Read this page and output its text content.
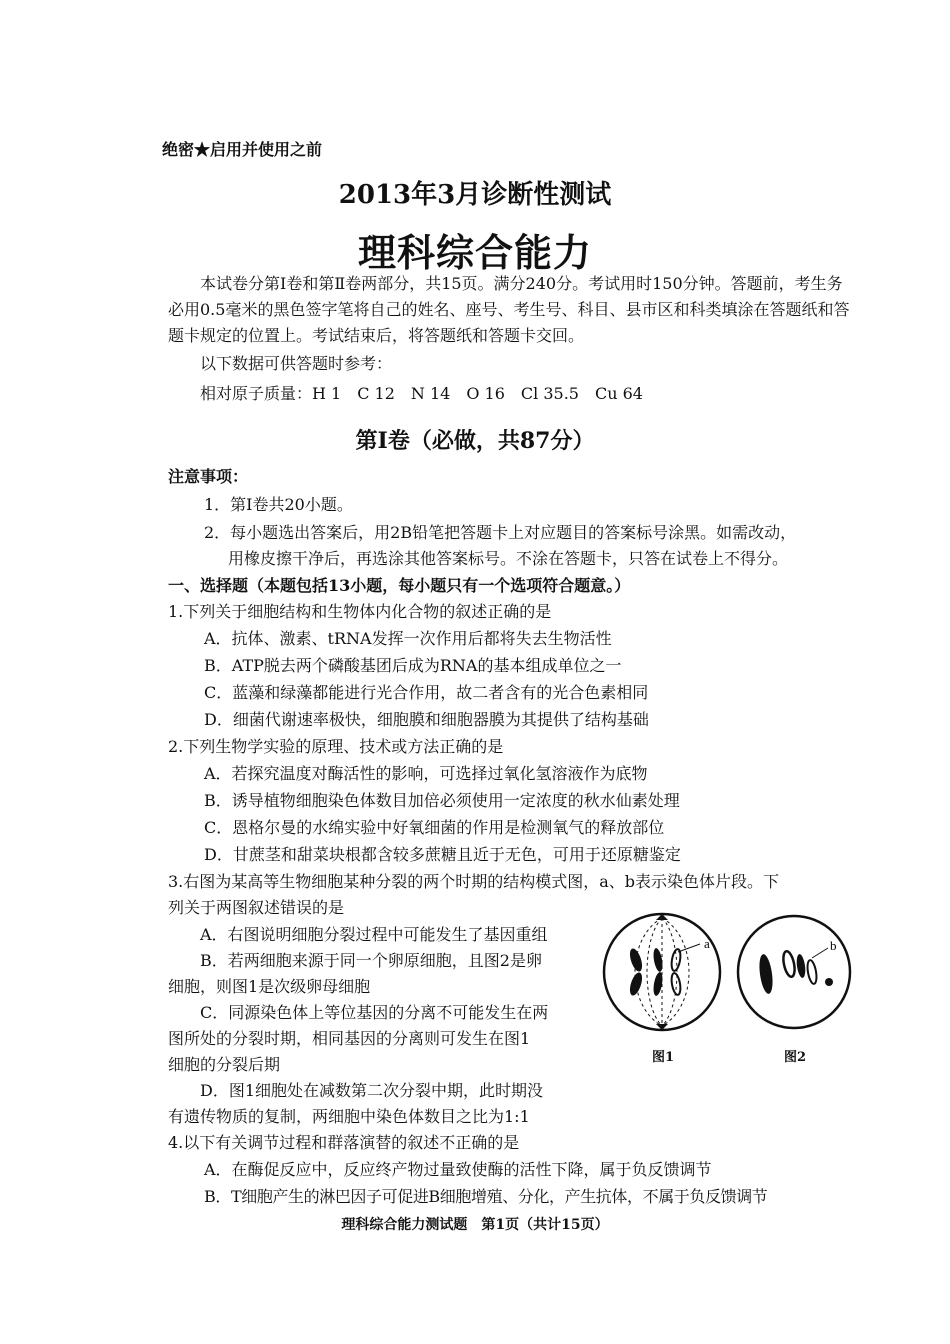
绝密★启用并使用之前
2013年3月诊断性测试
理科综合能力
本试卷分第Ⅰ卷和第Ⅱ卷两部分，共15页。满分240分。考试用时150分钟。答题前，考生务必用0.5毫米的黑色签字笔将自己的姓名、座号、考生号、科目、县市区和科类填涂在答题纸和答题卡规定的位置上。考试结束后，将答题纸和答题卡交回。
以下数据可供答题时参考：
相对原子质量：H 1　C 12　N 14　O 16　Cl 35.5　Cu 64
第Ⅰ卷（必做，共87分）
注意事项：
1．第Ⅰ卷共20小题。
2．每小题选出答案后，用2B铅笔把答题卡上对应题目的答案标号涂黑。如需改动，
用橡皮擦干净后，再选涂其他答案标号。不涂在答题卡，只答在试卷上不得分。
一、选择题（本题包括13小题，每小题只有一个选项符合题意。）
1.下列关于细胞结构和生物体内化合物的叙述正确的是
A．抗体、激素、tRNA发挥一次作用后都将失去生物活性
B．ATP脱去两个磷酸基团后成为RNA的基本组成单位之一
C．蓝藻和绿藻都能进行光合作用，故二者含有的光合色素相同
D．细菌代谢速率极快，细胞膜和细胞器膜为其提供了结构基础
2.下列生物学实验的原理、技术或方法正确的是
A．若探究温度对酶活性的影响，可选择过氧化氢溶液作为底物
B．诱导植物细胞染色体数目加倍必须使用一定浓度的秋水仙素处理
C．恩格尔曼的水绵实验中好氧细菌的作用是检测氧气的释放部位
D．甘蔗茎和甜菜块根都含较多蔗糖且近于无色，可用于还原糖鉴定
3.右图为某高等生物细胞某种分裂的两个时期的结构模式图，a、b表示染色体片段。下
列关于两图叙述错误的是
A．右图说明细胞分裂过程中可能发生了基因重组
B．若两细胞来源于同一个卵原细胞，且图2是卵
细胞，则图1是次级卵母细胞
C．同源染色体上等位基因的分离不可能发生在两
图所处的分裂时期，相同基因的分离则可发生在图1
细胞的分裂后期
D．图1细胞处在减数第二次分裂中期，此时期没
有遗传物质的复制，两细胞中染色体数目之比为1:1
a	b
图1	图2
4.以下有关调节过程和群落演替的叙述不正确的是
A．在酶促反应中，反应终产物过量致使酶的活性下降，属于负反馈调节
B．T细胞产生的淋巴因子可促进B细胞增殖、分化，产生抗体，不属于负反馈调节
理科综合能力测试题　第1页（共计15页）
